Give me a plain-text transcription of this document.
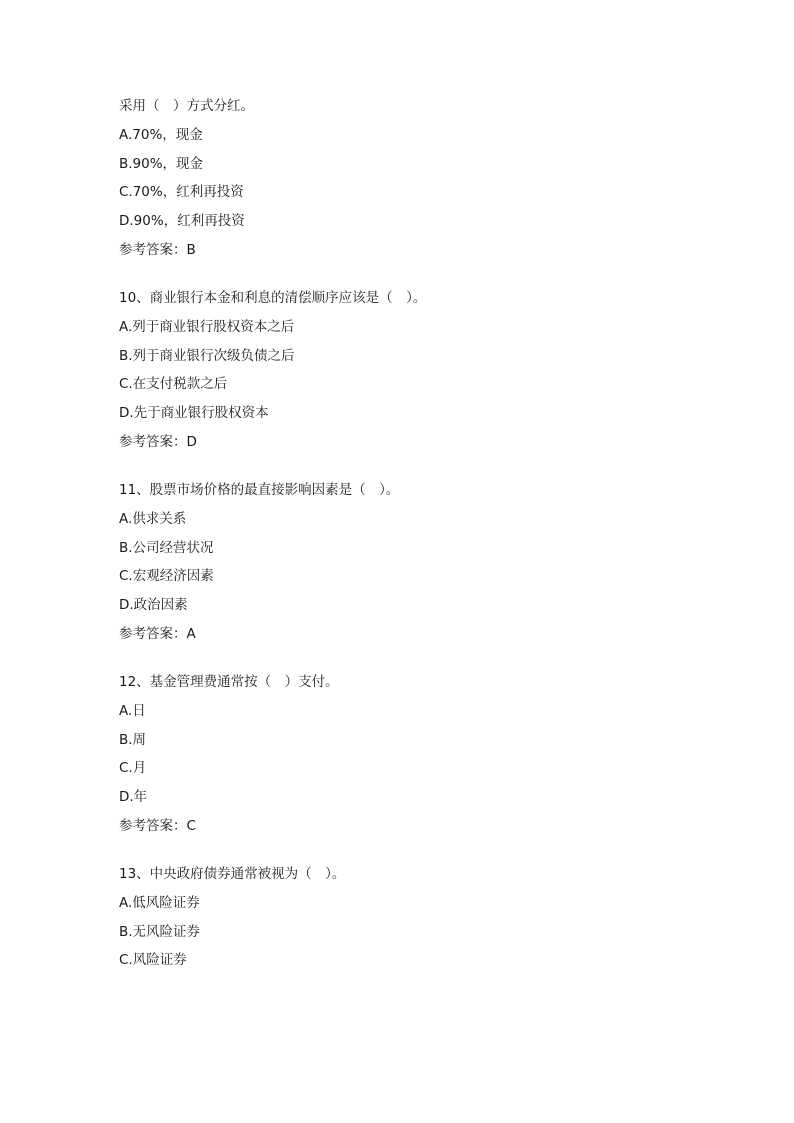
采用（　）方式分红。
A.70%，现金
B.90%，现金
C.70%，红利再投资
D.90%，红利再投资
参考答案：B
10、商业银行本金和利息的清偿顺序应该是（　）。
A.列于商业银行股权资本之后
B.列于商业银行次级负债之后
C.在支付税款之后
D.先于商业银行股权资本
参考答案：D
11、股票市场价格的最直接影响因素是（　）。
A.供求关系
B.公司经营状况
C.宏观经济因素
D.政治因素
参考答案：A
12、基金管理费通常按（　）支付。
A.日
B.周
C.月
D.年
参考答案：C
13、中央政府债券通常被视为（　）。
A.低风险证券
B.无风险证券
C.风险证券
